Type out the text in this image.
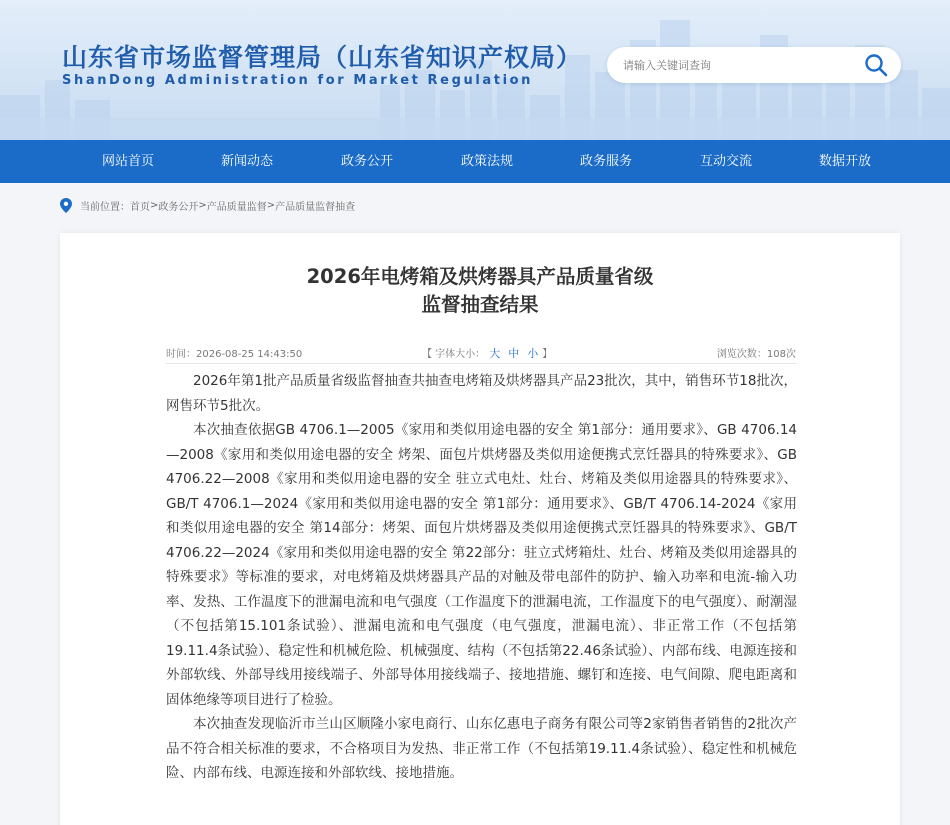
山东省市场监督管理局（山东省知识产权局）
ShanDong Administration for Market Regulation
请输入关键词查询
网站首页	新闻动态	政务公开	政策法规	政务服务	互动交流	数据开放
当前位置： 首页 > 政务公开 > 产品质量监督 > 产品质量监督抽查
2026年电烤箱及烘烤器具产品质量省级
监督抽查结果
时间：2026-08-25 14:43:50	【 字体大小： 大 中 小 】	浏览次数：108次

2026年第1批产品质量省级监督抽查共抽查电烤箱及烘烤器具产品23批次，其中，销售环节18批次，网售环节5批次。

本次抽查依据GB 4706.1—2005《家用和类似用途电器的安全 第1部分：通用要求》、GB 4706.14—2008《家用和类似用途电器的安全 烤架、面包片烘烤器及类似用途便携式烹饪器具的特殊要求》、GB 4706.22—2008《家用和类似用途电器的安全 驻立式电灶、灶台、烤箱及类似用途器具的特殊要求》、GB/T 4706.1—2024《家用和类似用途电器的安全 第1部分：通用要求》、GB/T 4706.14-2024《家用和类似用途电器的安全 第14部分：烤架、面包片烘烤器及类似用途便携式烹饪器具的特殊要求》、GB/T 4706.22—2024《家用和类似用途电器的安全 第22部分：驻立式烤箱灶、灶台、烤箱及类似用途器具的特殊要求》等标准的要求，对电烤箱及烘烤器具产品的对触及带电部件的防护、输入功率和电流-输入功率、发热、工作温度下的泄漏电流和电气强度（工作温度下的泄漏电流，工作温度下的电气强度）、耐潮湿（不包括第15.101条试验）、泄漏电流和电气强度（电气强度，泄漏电流）、非正常工作（不包括第19.11.4条试验）、稳定性和机械危险、机械强度、结构（不包括第22.46条试验）、内部布线、电源连接和外部软线、外部导线用接线端子、外部导体用接线端子、接地措施、螺钉和连接、电气间隙、爬电距离和固体绝缘等项目进行了检验。

本次抽查发现临沂市兰山区顺隆小家电商行、山东亿惠电子商务有限公司等2家销售者销售的2批次产品不符合相关标准的要求，不合格项目为发热、非正常工作（不包括第19.11.4条试验）、稳定性和机械危险、内部布线、电源连接和外部软线、接地措施。
